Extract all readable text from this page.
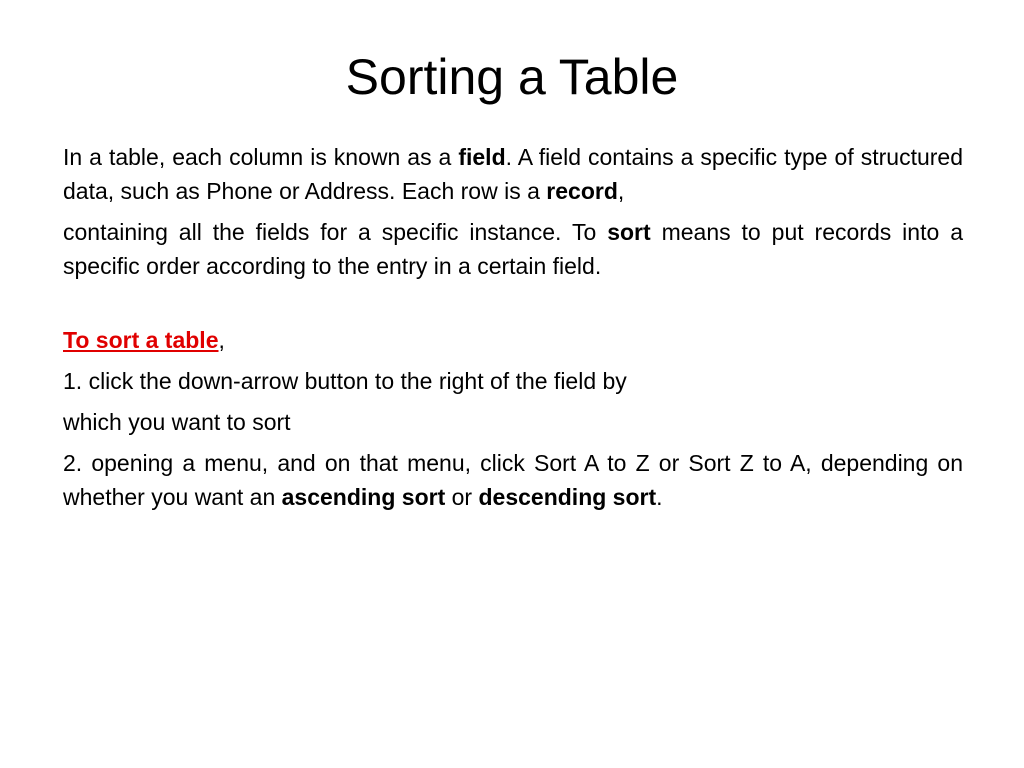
Sorting a Table

In a table, each column is known as a field. A field contains a specific type of structured data, such as Phone or Address. Each row is a record,

containing all the fields for a specific instance. To sort means to put records into a specific order according to the entry in a certain field.

To sort a table,

1. click the down-arrow button to the right of the field by

which you want to sort

2. opening a menu, and on that menu, click Sort A to Z or Sort Z to A, depending on whether you want an ascending sort or descending sort.
